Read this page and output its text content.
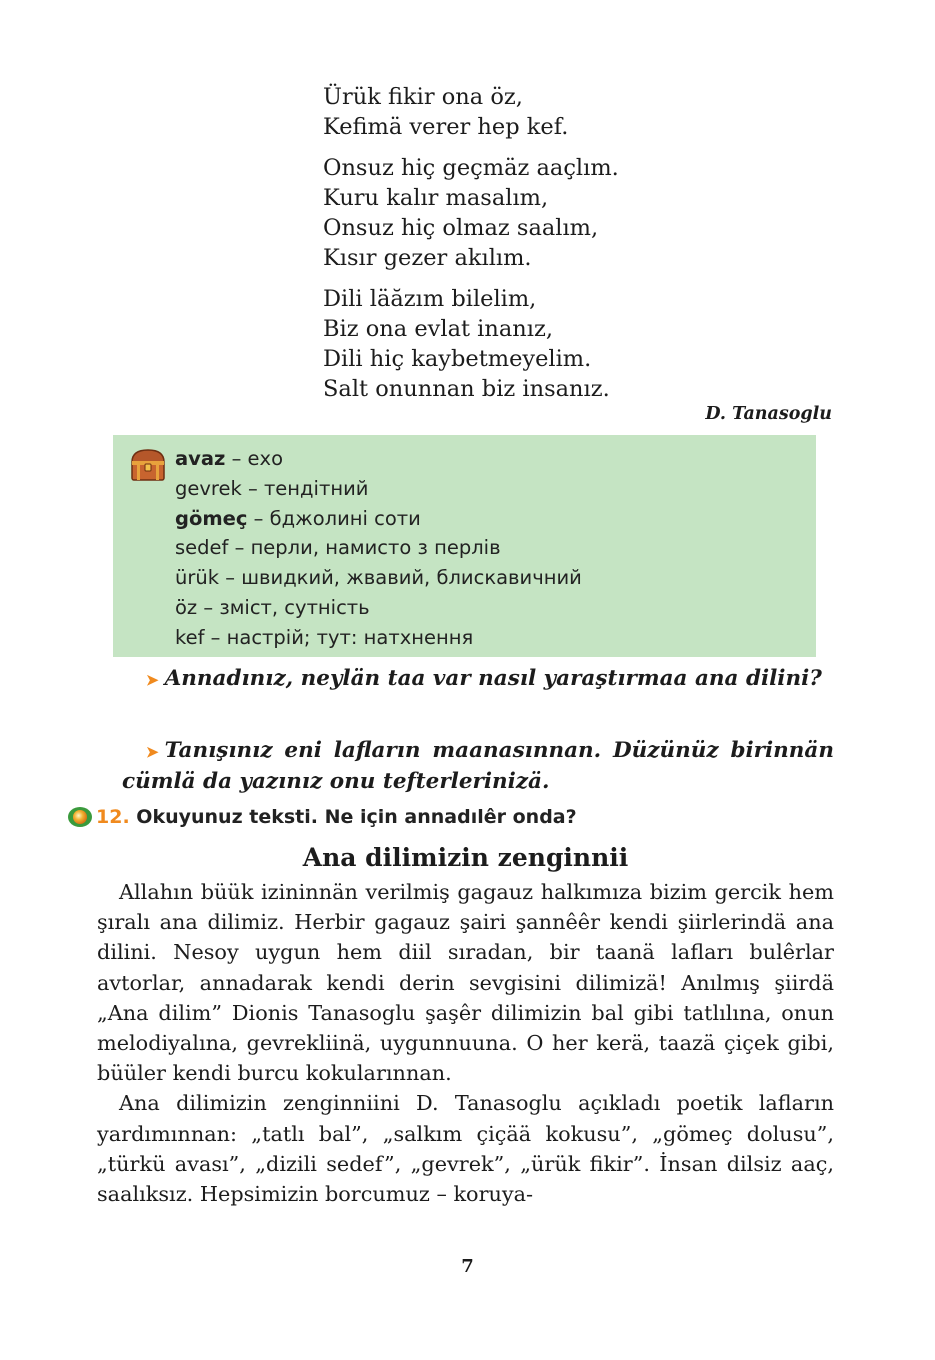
Ürük fikir ona öz,
Kefimä verer hep kef.
Onsuz hiç geçmäz aaçlım.
Kuru kalır masalım,
Onsuz hiç olmaz saalım,
Kısır gezer akılım.
Dili läăzım bilelim,
Biz ona evlat inanız,
Dili hiç kaybetmeyelim.
Salt onunnan biz insanız.
D. Tanasoglu
avaz – ехо
gevrek – тендітний
gömeç – бджолині соти
sedef – перли, намисто з перлів
ürük – швидкий, жвавий, блискавичний
öz – зміст, сутність
kef – настрій; тут: натхнення
➤ Annadınız, neylän taa var nasıl yaraştırmaa ana dilini?
➤ Tanışınız eni lafların maanasınnan. Düzünüz birinnän cümlä da yazınız onu tefterlerinizä.
12. Okuyunuz teksti. Ne için annadılêr onda?
Ana dilimizin zenginnii

Allahın büük izininnän verilmiş gagauz halkımıza bizim gercik hem şıralı ana dilimiz. Herbir gagauz şairi şannêêr kendi şiirlerindä ana dilini. Nesoy uygun hem diil sıradan, bir taanä lafları bulêrlar avtorlar, annadarak kendi derin sevgisini dilimizä! Anılmış şiirdä „Ana dilim” Dionis Tanasoglu şaşêr dilimizin bal gibi tatlılına, onun melodiyalına, gevrekliinä, uygunnuuna. O her kerä, taazä çiçek gibi, büüler kendi burcu kokularınnan.

Ana dilimizin zenginniini D. Tanasoglu açıkladı poetik lafların yardımınnan: „tatlı bal”, „salkım çiçää kokusu”, „gömeç dolusu”, „türkü avası”, „dizili sedef”, „gevrek”, „ürük fikir”. İnsan dilsiz aaç, saalıksız. Hepsimizin borcumuz – koruya-

7
